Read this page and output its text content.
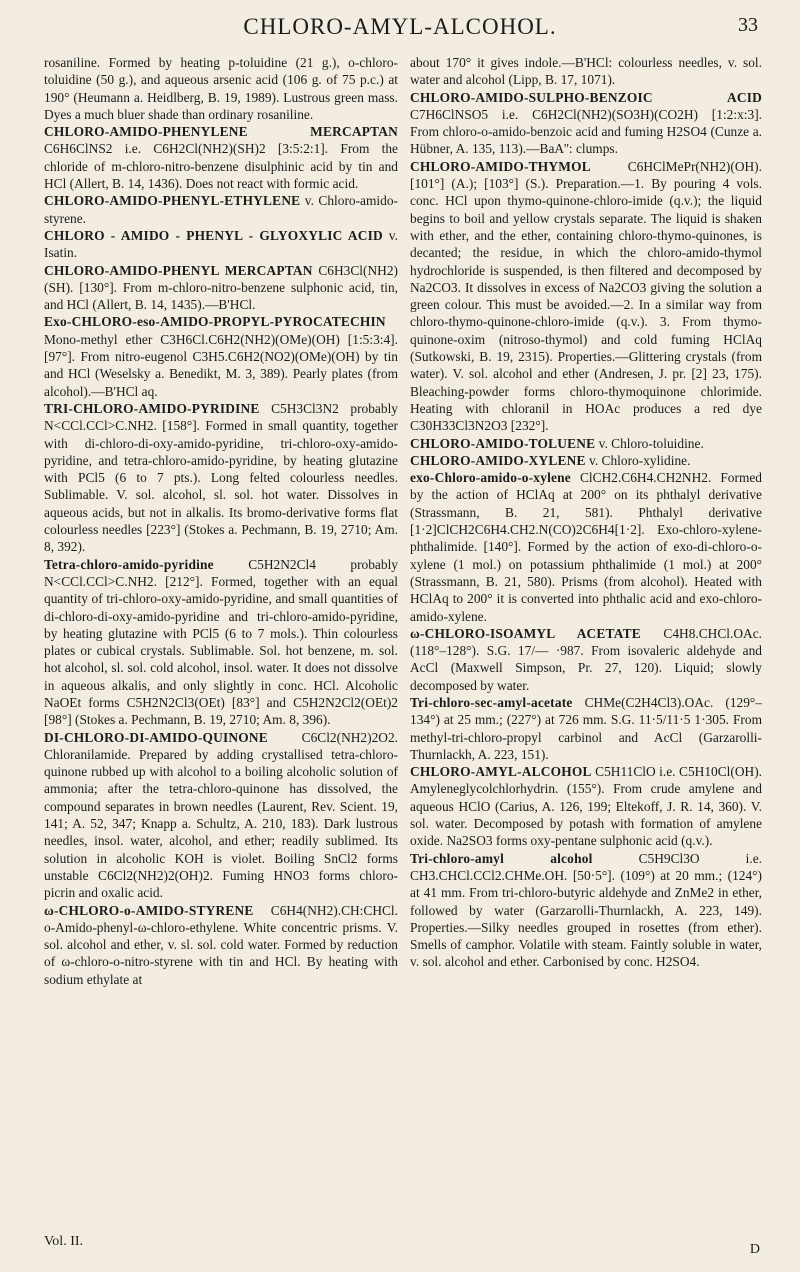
CHLORO-AMYL-ALCOHOL.	33

rosaniline. Formed by heating p-toluidine (21 g.), o-chloro-toluidine (50 g.), and aqueous arsenic acid (106 g. of 75 p.c.) at 190° (Heumann a. Heidlberg, B. 19, 1989). Lustrous green mass. Dyes a much bluer shade than ordinary rosaniline.

CHLORO-AMIDO-PHENYLENE MERCAPTAN C6H6ClNS2 i.e. C6H2Cl(NH2)(SH)2 [3:5:2:1]. From the chloride of m-chloro-nitro-benzene disulphinic acid by tin and HCl (Allert, B. 14, 1436). Does not react with formic acid.

CHLORO-AMIDO-PHENYL-ETHYLENE v. Chloro-amido-styrene.

CHLORO - AMIDO - PHENYL - GLYOXYLIC ACID v. Isatin.

CHLORO-AMIDO-PHENYL MERCAPTAN C6H3Cl(NH2)(SH). [130°]. From m-chloro-nitro-benzene sulphonic acid, tin, and HCl (Allert, B. 14, 1435).—B'HCl.

Exo-CHLORO-eso-AMIDO-PROPYL-PYROCATECHIN Mono-methyl ether C3H6Cl.C6H2(NH2)(OMe)(OH) [1:5:3:4]. [97°]. From nitro-eugenol C3H5.C6H2(NO2)(OMe)(OH) by tin and HCl (Weselsky a. Benedikt, M. 3, 389). Pearly plates (from alcohol).—B'HCl aq.

TRI-CHLORO-AMIDO-PYRIDINE C5H3Cl3N2 probably N<CCl.CCl>C.NH2. [158°]. Formed in small quantity, together with di-chloro-di-oxy-amido-pyridine, tri-chloro-oxy-amido-pyridine, and tetra-chloro-amido-pyridine, by heating glutazine with PCl5 (6 to 7 pts.). Long felted colourless needles. Sublimable. V. sol. alcohol, sl. sol. hot water. Dissolves in aqueous acids, but not in alkalis. Its bromo-derivative forms flat colourless needles [223°] (Stokes a. Pechmann, B. 19, 2710; Am. 8, 392).

Tetra-chloro-amido-pyridine	C5H2N2Cl4 probably N<CCl.CCl>C.NH2. [212°]. Formed, together with an equal quantity of tri-chloro-oxy-amido-pyridine, and small quantities of di-chloro-di-oxy-amido-pyridine and tri-chloro-amido-pyridine, by heating glutazine with PCl5 (6 to 7 mols.). Thin colourless plates or cubical crystals. Sublimable. Sol. hot benzene, m. sol. hot alcohol, sl. sol. cold alcohol, insol. water. It does not dissolve in aqueous alkalis, and only slightly in conc. HCl. Alcoholic NaOEt forms C5H2N2Cl3(OEt) [83°] and C5H2N2Cl2(OEt)2 [98°] (Stokes a. Pechmann, B. 19, 2710; Am. 8, 396).

DI-CHLORO-DI-AMIDO-QUINONE	C6Cl2(NH2)2O2. Chloranilamide. Prepared by adding crystallised tetra-chloro-quinone rubbed up with alcohol to a boiling alcoholic solution of ammonia; after the tetra-chloro-quinone has dissolved, the compound separates in brown needles (Laurent, Rev. Scient. 19, 141; A. 52, 347; Knapp a. Schultz, A. 210, 183). Dark lustrous needles, insol. water, alcohol, and ether; readily sublimed. Its solution in alcoholic KOH is violet. Boiling SnCl2 forms unstable C6Cl2(NH2)2(OH)2. Fuming HNO3 forms chloro-picrin and oxalic acid.

ω-CHLORO-o-AMIDO-STYRENE C6H4(NH2).CH:CHCl. o-Amido-phenyl-ω-chloro-ethylene. White concentric prisms. V. sol. alcohol and ether, v. sl. sol. cold water. Formed by reduction of ω-chloro-o-nitro-styrene with tin and HCl. By heating with sodium ethylate at

about 170° it gives indole.—B'HCl: colourless needles, v. sol. water and alcohol (Lipp, B. 17, 1071).

CHLORO-AMIDO-SULPHO-BENZOIC ACID C7H6ClNSO5 i.e. C6H2Cl(NH2)(SO3H)(CO2H) [1:2:x:3]. From chloro-o-amido-benzoic acid and fuming H2SO4 (Cunze a. Hübner, A. 135, 113).—BaA'': clumps.

CHLORO-AMIDO-THYMOL	C6HClMePr(NH2)(OH). [101°] (A.); [103°] (S.). Preparation.—1. By pouring 4 vols. conc. HCl upon thymo-quinone-chloro-imide (q.v.); the liquid begins to boil and yellow crystals separate. The liquid is shaken with ether, and the ether, containing chloro-thymo-quinones, is decanted; the residue, in which the chloro-amido-thymol hydrochloride is suspended, is then filtered and decomposed by Na2CO3. It dissolves in excess of Na2CO3 giving the solution a green colour. This must be avoided.—2. In a similar way from chloro-thymo-quinone-chloro-imide (q.v.). 3. From thymo-quinone-oxim (nitroso-thymol) and cold fuming HClAq (Sutkowski, B. 19, 2315). Properties.—Glittering crystals (from water). V. sol. alcohol and ether (Andresen, J. pr. [2] 23, 175). Bleaching-powder forms chloro-thymoquinone chlorimide. Heating with chloranil in HOAc produces a red dye C30H33Cl3N2O3 [232°].

CHLORO-AMIDO-TOLUENE v. Chloro-toluidine.

CHLORO-AMIDO-XYLENE v. Chloro-xylidine.

exo-Chloro-amido-o-xylene ClCH2.C6H4.CH2NH2. Formed by the action of HClAq at 200° on its phthalyl derivative (Strassmann, B. 21, 581). Phthalyl derivative [1·2]ClCH2C6H4.CH2.N(CO)2C6H4[1·2]. Exo-chloro-xylene-phthalimide. [140°]. Formed by the action of exo-di-chloro-o-xylene (1 mol.) on potassium phthalimide (1 mol.) at 200° (Strassmann, B. 21, 580). Prisms (from alcohol). Heated with HClAq to 200° it is converted into phthalic acid and exo-chloro-amido-xylene.

ω-CHLORO-ISOAMYL ACETATE C4H8.CHCl.OAc. (118°–128°). S.G. 17/— ·987. From isovaleric aldehyde and AcCl (Maxwell Simpson, Pr. 27, 120). Liquid; slowly decomposed by water.

Tri-chloro-sec-amyl-acetate CHMe(C2H4Cl3).OAc. (129°–134°) at 25 mm.; (227°) at 726 mm. S.G. 11·5/11·5 1·305. From methyl-tri-chloro-propyl carbinol and AcCl (Garzarolli-Thurnlackh, A. 223, 151).

CHLORO-AMYL-ALCOHOL C5H11ClO i.e. C5H10Cl(OH). Amyleneglycolchlorhydrin. (155°). From crude amylene and aqueous HClO (Carius, A. 126, 199; Eltekoff, J. R. 14, 360). V. sol. water. Decomposed by potash with formation of amylene oxide. Na2SO3 forms oxy-pentane sulphonic acid (q.v.).

Tri-chloro-amyl alcohol	C5H9Cl3O i.e. CH3.CHCl.CCl2.CHMe.OH. [50·5°]. (109°) at 20 mm.; (124°) at 41 mm. From tri-chloro-butyric aldehyde and ZnMe2 in ether, followed by water (Garzarolli-Thurnlackh, A. 223, 149). Properties.—Silky needles grouped in rosettes (from ether). Smells of camphor. Volatile with steam. Faintly soluble in water, v. sol. alcohol and ether. Carbonised by conc. H2SO4.

Vol. II.
D
